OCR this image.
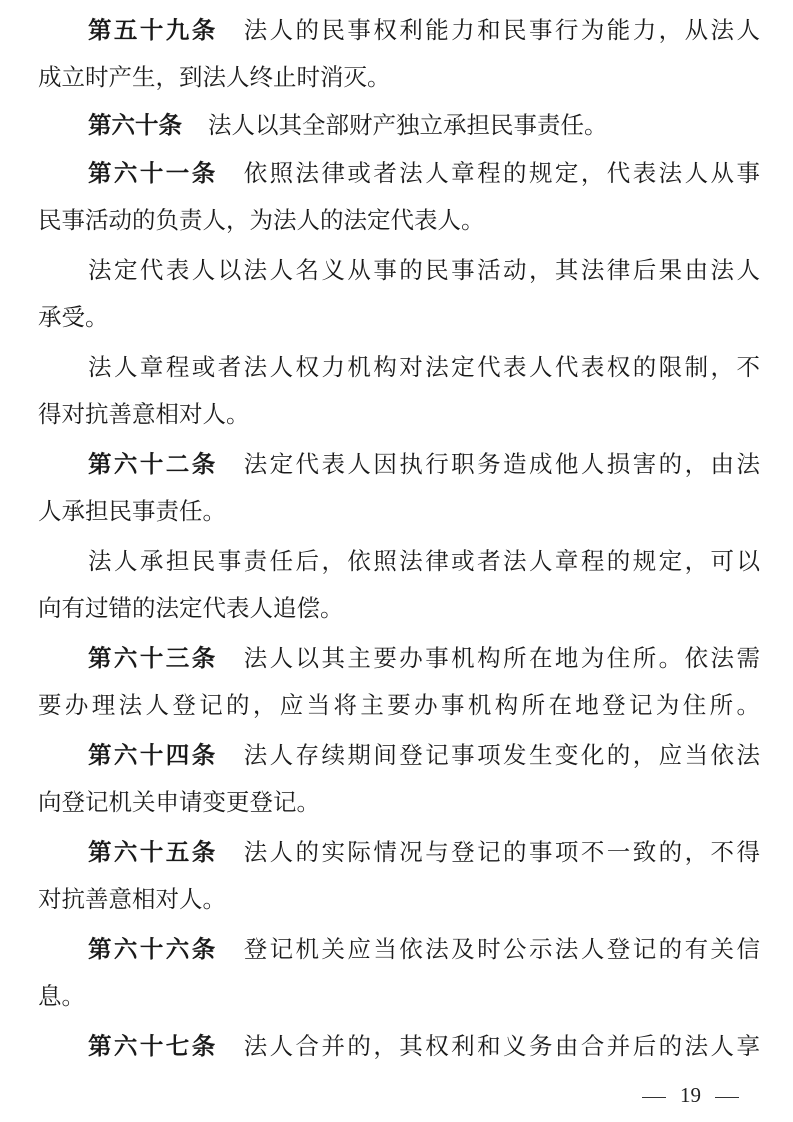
第五十九条 法人的民事权利能力和民事行为能力，从法人
成立时产生，到法人终止时消灭。
第六十条 法人以其全部财产独立承担民事责任。
第六十一条 依照法律或者法人章程的规定，代表法人从事
民事活动的负责人，为法人的法定代表人。
法定代表人以法人名义从事的民事活动，其法律后果由法人
承受。
法人章程或者法人权力机构对法定代表人代表权的限制，不
得对抗善意相对人。
第六十二条 法定代表人因执行职务造成他人损害的，由法
人承担民事责任。
法人承担民事责任后，依照法律或者法人章程的规定，可以
向有过错的法定代表人追偿。
第六十三条 法人以其主要办事机构所在地为住所。依法需
要办理法人登记的，应当将主要办事机构所在地登记为住所。
第六十四条 法人存续期间登记事项发生变化的，应当依法
向登记机关申请变更登记。
第六十五条 法人的实际情况与登记的事项不一致的，不得
对抗善意相对人。
第六十六条 登记机关应当依法及时公示法人登记的有关信
息。
第六十七条 法人合并的，其权利和义务由合并后的法人享
19
